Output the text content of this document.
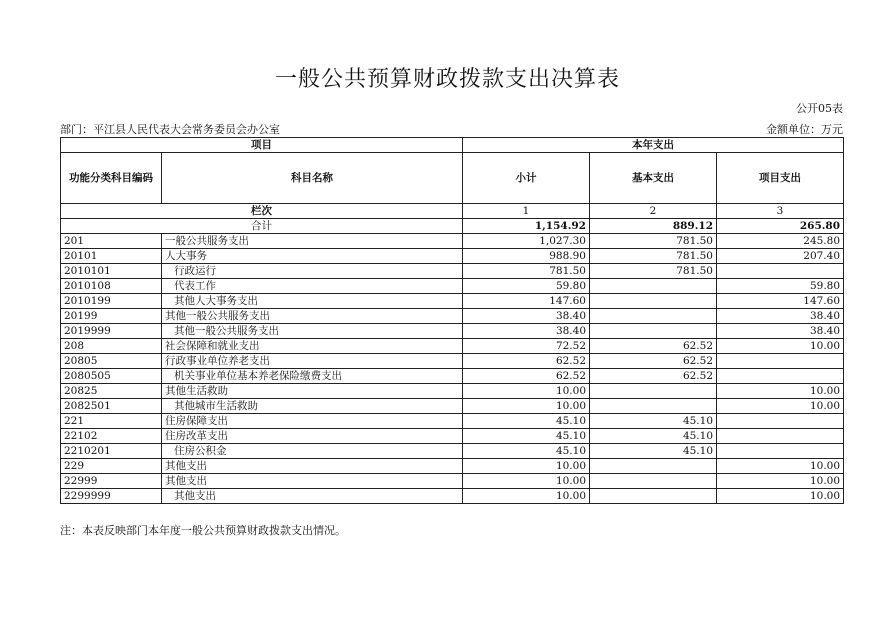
一般公共预算财政拨款支出决算表
公开05表
部门：平江县人民代表大会常务委员会办公室	金额单位：万元
项目		本年支出		
功能分类科目编码	科目名称	小计	基本支出	项目支出
栏次		1	2	3
合计		1,154.92	889.12	265.80
201	一般公共服务支出	1,027.30	781.50	245.80
20101	人大事务	988.90	781.50	207.40
2010101	行政运行	781.50	781.50	
2010108	代表工作	59.80		59.80
2010199	其他人大事务支出	147.60		147.60
20199	其他一般公共服务支出	38.40		38.40
2019999	其他一般公共服务支出	38.40		38.40
208	社会保障和就业支出	72.52	62.52	10.00
20805	行政事业单位养老支出	62.52	62.52	
2080505	机关事业单位基本养老保险缴费支出	62.52	62.52	
20825	其他生活救助	10.00		10.00
2082501	其他城市生活救助	10.00		10.00
221	住房保障支出	45.10	45.10	
22102	住房改革支出	45.10	45.10	
2210201	住房公积金	45.10	45.10	
229	其他支出	10.00		10.00
22999	其他支出	10.00		10.00
2299999	其他支出	10.00		10.00
注：本表反映部门本年度一般公共预算财政拨款支出情况。
